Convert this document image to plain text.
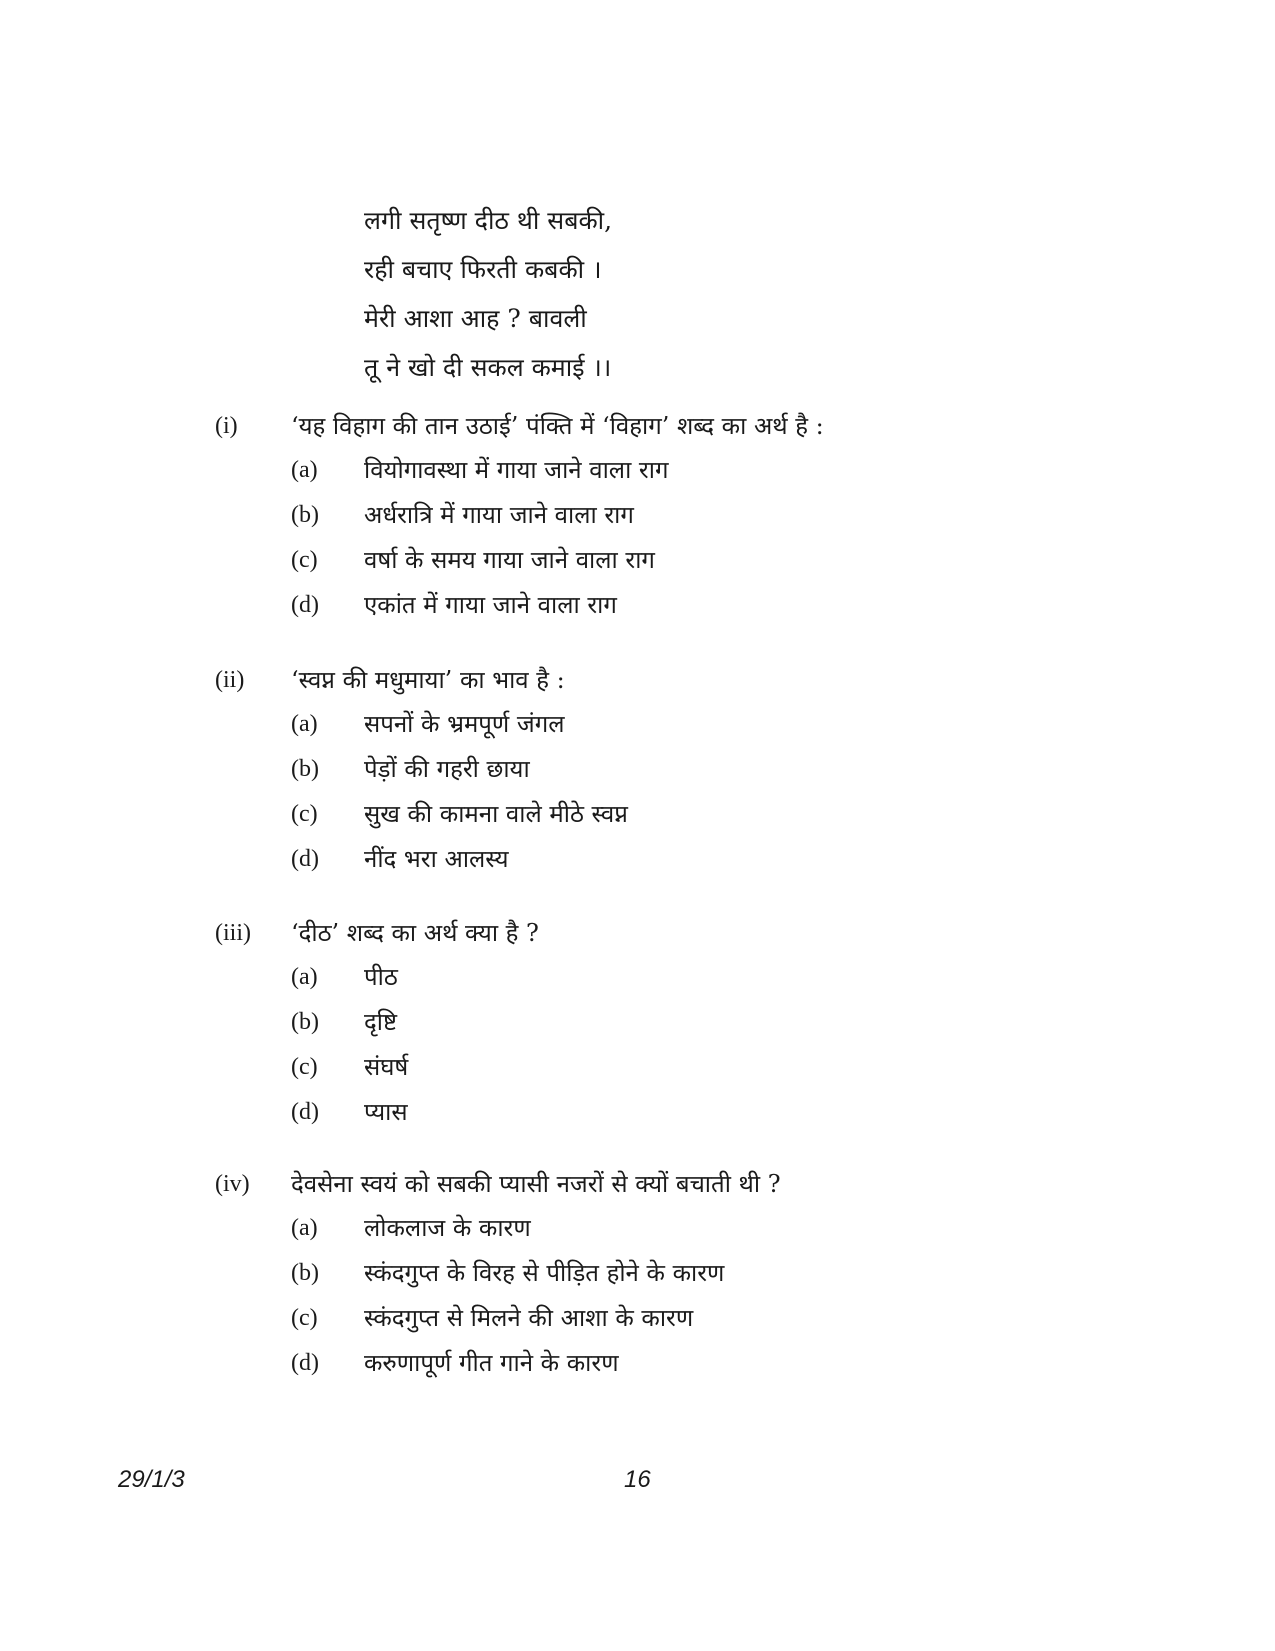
लगी सतृष्ण दीठ थी सबकी,
रही बचाए फिरती कबकी ।
मेरी आशा आह ? बावली
तू ने खो दी सकल कमाई ।।
(i) ‘यह विहाग की तान उठाई’ पंक्ति में ‘विहाग’ शब्द का अर्थ है :
(a) वियोगावस्था में गाया जाने वाला राग
(b) अर्धरात्रि में गाया जाने वाला राग
(c) वर्षा के समय गाया जाने वाला राग
(d) एकांत में गाया जाने वाला राग
(ii) ‘स्वप्न की मधुमाया’ का भाव है :
(a) सपनों के भ्रमपूर्ण जंगल
(b) पेड़ों की गहरी छाया
(c) सुख की कामना वाले मीठे स्वप्न
(d) नींद भरा आलस्य
(iii) ‘दीठ’ शब्द का अर्थ क्या है ?
(a) पीठ
(b) दृष्टि
(c) संघर्ष
(d) प्यास
(iv) देवसेना स्वयं को सबकी प्यासी नजरों से क्यों बचाती थी ?
(a) लोकलाज के कारण
(b) स्कंदगुप्त के विरह से पीड़ित होने के कारण
(c) स्कंदगुप्त से मिलने की आशा के कारण
(d) करुणापूर्ण गीत गाने के कारण
29/1/3	16
